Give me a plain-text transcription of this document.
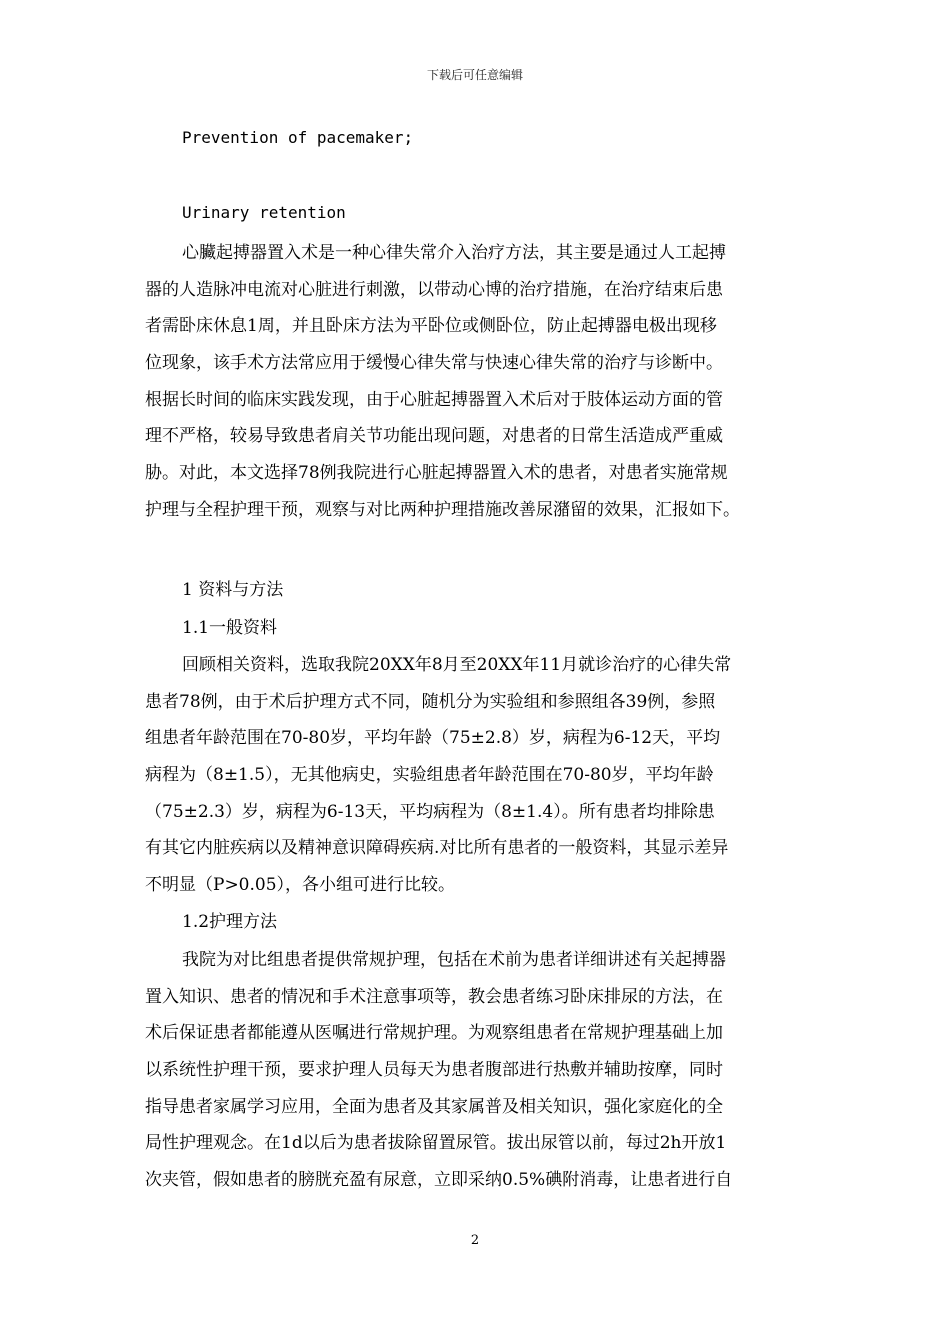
下载后可任意编辑
Prevention of pacemaker;
Urinary retention
心臟起搏器置入术是一种心律失常介入治疗方法，其主要是通过人工起搏
器的人造脉冲电流对心脏进行刺激，以带动心博的治疗措施，在治疗结束后患
者需卧床休息1周，并且卧床方法为平卧位或侧卧位，防止起搏器电极出现移
位现象，该手术方法常应用于缓慢心律失常与快速心律失常的治疗与诊断中。
根据长时间的临床实践发现，由于心脏起搏器置入术后对于肢体运动方面的管
理不严格，较易导致患者肩关节功能出现问题，对患者的日常生活造成严重威
胁。对此，本文选择78例我院进行心脏起搏器置入术的患者，对患者实施常规
护理与全程护理干预，观察与对比两种护理措施改善尿潴留的效果，汇报如下。
1 资料与方法
1.1一般资料
回顾相关资料，选取我院20XX年8月至20XX年11月就诊治疗的心律失常
患者78例，由于术后护理方式不同，随机分为实验组和参照组各39例，参照
组患者年龄范围在70-80岁，平均年龄（75±2.8）岁，病程为6-12天，平均
病程为（8±1.5），无其他病史，实验组患者年龄范围在70-80岁，平均年龄
（75±2.3）岁，病程为6-13天，平均病程为（8±1.4）。所有患者均排除患
有其它内脏疾病以及精神意识障碍疾病.对比所有患者的一般资料，其显示差异
不明显（P>0.05），各小组可进行比较。
1.2护理方法
我院为对比组患者提供常规护理，包括在术前为患者详细讲述有关起搏器
置入知识、患者的情况和手术注意事项等，教会患者练习卧床排尿的方法，在
术后保证患者都能遵从医嘱进行常规护理。为观察组患者在常规护理基础上加
以系统性护理干预，要求护理人员每天为患者腹部进行热敷并辅助按摩，同时
指导患者家属学习应用，全面为患者及其家属普及相关知识，强化家庭化的全
局性护理观念。在1d以后为患者拔除留置尿管。拔出尿管以前，每过2h开放1
次夹管，假如患者的膀胱充盈有尿意，立即采纳0.5%碘附消毒，让患者进行自
2
